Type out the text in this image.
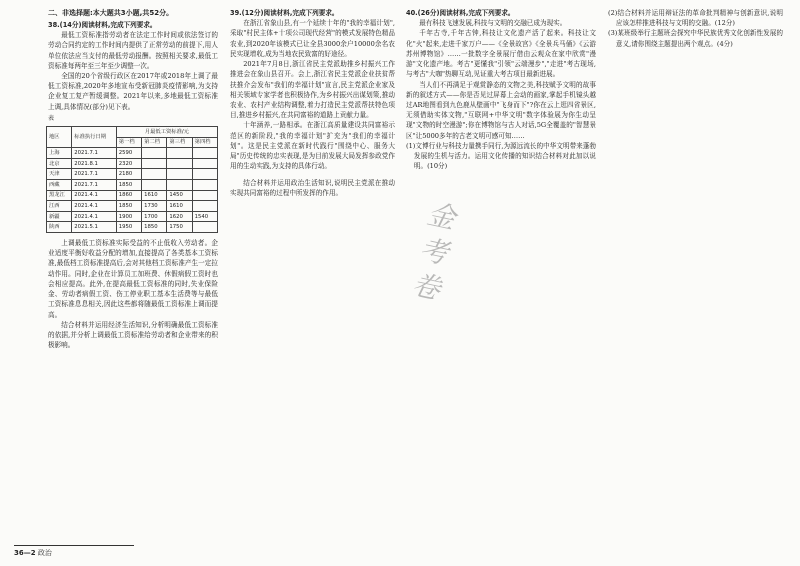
二、非选择题:本大题共3小题,共52分。

38.(14分)阅读材料,完成下列要求。

最低工资标准指劳动者在法定工作时间或依法签订的劳动合同约定的工作时间内提供了正常劳动的前提下,用人单位依法应当支付的最低劳动报酬。按照相关要求,最低工资标准每两年至三年至少调整一次。

全国的20个省级行政区在2017年或2018年上调了最低工资标准,2020年多地宣布受新冠肺炎疫情影响,为支持企业复工复产暂缓调整。2021年以来,多地最低工资标准上调,具体情况(部分)见下表。

表

地区	标准执行日期	月最低工资标准/元			
		第一档	第二档	第三档	第四档
上海	2021.7.1	2590			
北京	2021.8.1	2320			
天津	2021.7.1	2180			
西藏	2021.7.1	1850			
黑龙江	2021.4.1	1860	1610	1450	
江西	2021.4.1	1850	1730	1610	
新疆	2021.4.1	1900	1700	1620	1540
陕西	2021.5.1	1950	1850	1750	

上调最低工资标准实际受益的不止低收入劳动者。企业适度平衡好收益分配的增加,直接提高了各类基本工资标准,最低档工资标准提高后,会对其他档工资标准产生一定拉动作用。同时,企业在计算员工加班费、休假病假工资时也会相应提高。此外,在提高最低工资标准的同时,失业保险金、劳动者病假工资、伤工停业职工基本生活费等与最低工资标准息息相关,因此这些都将随最低工资标准上调而提高。

结合材料并运用经济生活知识,分析明确最低工资标准的依据,并分析上调最低工资标准给劳动者和企业带来的积极影响。

39.(12分)阅读材料,完成下列要求。

在浙江省象山县,有一个延续十年的"我的幸福计划",采取"村民主体+十项公司现代经营"的模式发展特色精品农业,到2020年该模式已让全县3000余户10000余名农民实现增收,成为当地农民致富的好途径。

2021年7月8日,浙江省民主党派助推乡村振兴工作推进会在象山县召开。会上,浙江省民主党派企业扶贫帮扶推介会发布"我们的幸福计划"宣言,民主党派企业家及相关领域专家学者也积极协作,为乡村振兴出谋划策,推动农业、农村产业结构调整,着力打造民主党派帮扶特色项目,推进乡村振兴,在共同富裕的道路上贡献力量。

十年涵养,一路相承。在浙江高质量建设共同富裕示范区的新阶段,"我的幸福计划"扩充为"我们的幸福计划"。这是民主党派在新时代践行"围绕中心、服务大局"历史传统的忠实表现,是为目前发展大局发挥参政党作用的生动实践,为支持的具体行动。

结合材料并运用政治生活知识,说明民主党派在推动实现共同富裕的过程中所发挥的作用。

40.(26分)阅读材料,完成下列要求。

最有科技飞速发展,科技与文明的交融已成为现实。

千年古寺,千年古钟,科技让文化遗产活了起来。科技让文化"火"起来,走进千家万户——《全景故宫》《全景兵马俑》《云游苏州博物馆》……一批数字全景展厅借由云观众在家中欣赏"漫游"文化遗产地。考古"更懂我"引领"云端漫步","走进"考古现场,与考古"大咖"热聊互动,见证重大考古项目最新进展。

当人们不再满足于观赏静态的文物之美,科技赋予文明的故事新的叙述方式——你是否见过屏幕上会动的画家,掌起手机镜头越过AR地图看到九色鹿从壁画中"飞身而下"?你在云上逛四省景区,无须借助实体文物,"互联网+中华文明"数字体验展为你生动呈现"文物的时空漫游";你在博物馆与古人对话,5G全覆盖的"智慧景区"让5000多年的古老文明可感可知……

(1)文博行业与科技力量携手同行,为源远流长的中华文明带来蓬勃发展的生机与活力。运用文化传播的知识结合材料对此加以说明。(10分)

(2)结合材料并运用辩证法的革命批判精神与创新意识,说明应该怎样推进科技与文明的交融。(12分)

(3)某班级举行主题班会探究中华民族优秀文化创新性发展的意义,请你围绕主题提出两个观点。(4分)

金
考
卷
36—2 政治
